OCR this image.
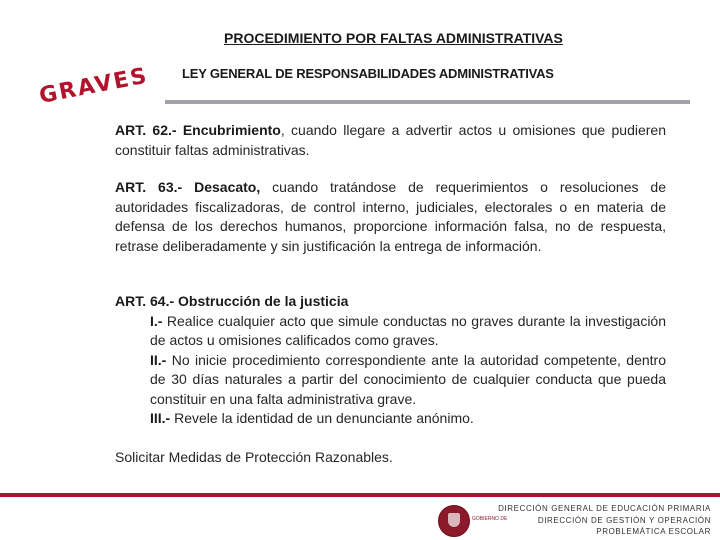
PROCEDIMIENTO POR FALTAS ADMINISTRATIVAS
LEY GENERAL DE RESPONSABILIDADES ADMINISTRATIVAS
GRAVES
ART. 62.- Encubrimiento, cuando llegare a advertir actos u omisiones que pudieren constituir faltas administrativas.
ART. 63.- Desacato, cuando tratándose de requerimientos o resoluciones de autoridades fiscalizadoras, de control interno, judiciales, electorales o en materia de defensa de los derechos humanos, proporcione información falsa, no de respuesta, retrase deliberadamente y sin justificación la entrega de información.
ART. 64.- Obstrucción de la justicia
I.- Realice cualquier acto que simule conductas no graves durante la investigación de actos u omisiones calificados como graves.
II.- No inicie procedimiento correspondiente ante la autoridad competente, dentro de 30 días naturales a partir del conocimiento de cualquier conducta que pueda constituir en una falta administrativa grave.
III.- Revele la identidad de un denunciante anónimo.
Solicitar Medidas de Protección Razonables.
GOBIERNO DE
DIRECCIÓN GENERAL DE EDUCACIÓN PRIMARIA
DIRECCIÓN DE GESTIÓN Y OPERACIÓN
PROBLEMÁTICA ESCOLAR
